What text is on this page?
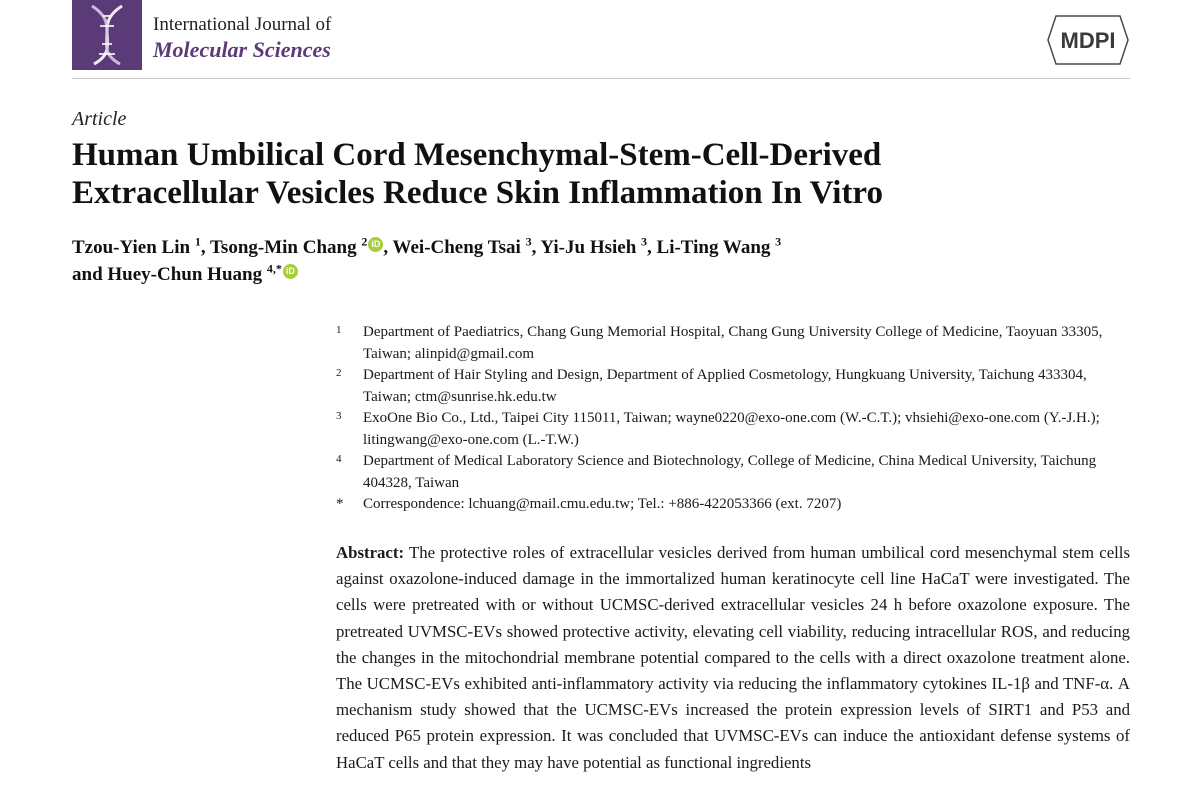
International Journal of
Molecular Sciences	MDPI
Article
Human Umbilical Cord Mesenchymal-Stem-Cell-Derived
Extracellular Vesicles Reduce Skin Inflammation In Vitro
Tzou-Yien Lin $^1$, Tsong-Min Chang $^2$ iD , Wei-Cheng Tsai $^3$, Yi-Ju Hsieh $^3$, Li-Ting Wang $^3$
and Huey-Chun Huang $^{4,*}$ iD
1	Department of Paediatrics, Chang Gung Memorial Hospital, Chang Gung University College of Medicine, Taoyuan 33305, Taiwan; alinpid@gmail.com
2	Department of Hair Styling and Design, Department of Applied Cosmetology, Hungkuang University, Taichung 433304, Taiwan; ctm@sunrise.hk.edu.tw
3	ExoOne Bio Co., Ltd., Taipei City 115011, Taiwan; wayne0220@exo-one.com (W.-C.T.); vhsiehi@exo-one.com (Y.-J.H.); litingwang@exo-one.com (L.-T.W.)
4	Department of Medical Laboratory Science and Biotechnology, College of Medicine, China Medical University, Taichung 404328, Taiwan
*	Correspondence: lchuang@mail.cmu.edu.tw; Tel.: +886-422053366 (ext. 7207)

Abstract: The protective roles of extracellular vesicles derived from human umbilical cord mesenchymal stem cells against oxazolone-induced damage in the immortalized human keratinocyte cell line HaCaT were investigated. The cells were pretreated with or without UCMSC-derived extracellular vesicles 24 h before oxazolone exposure. The pretreated UVMSC-EVs showed protective activity, elevating cell viability, reducing intracellular ROS, and reducing the changes in the mitochondrial membrane potential compared to the cells with a direct oxazolone treatment alone. The UCMSC-EVs exhibited anti-inflammatory activity via reducing the inflammatory cytokines IL-1β and TNF-α. A mechanism study showed that the UCMSC-EVs increased the protein expression levels of SIRT1 and P53 and reduced P65 protein expression. It was concluded that UVMSC-EVs can induce the antioxidant defense systems of HaCaT cells and that they may have potential as functional ingredients
